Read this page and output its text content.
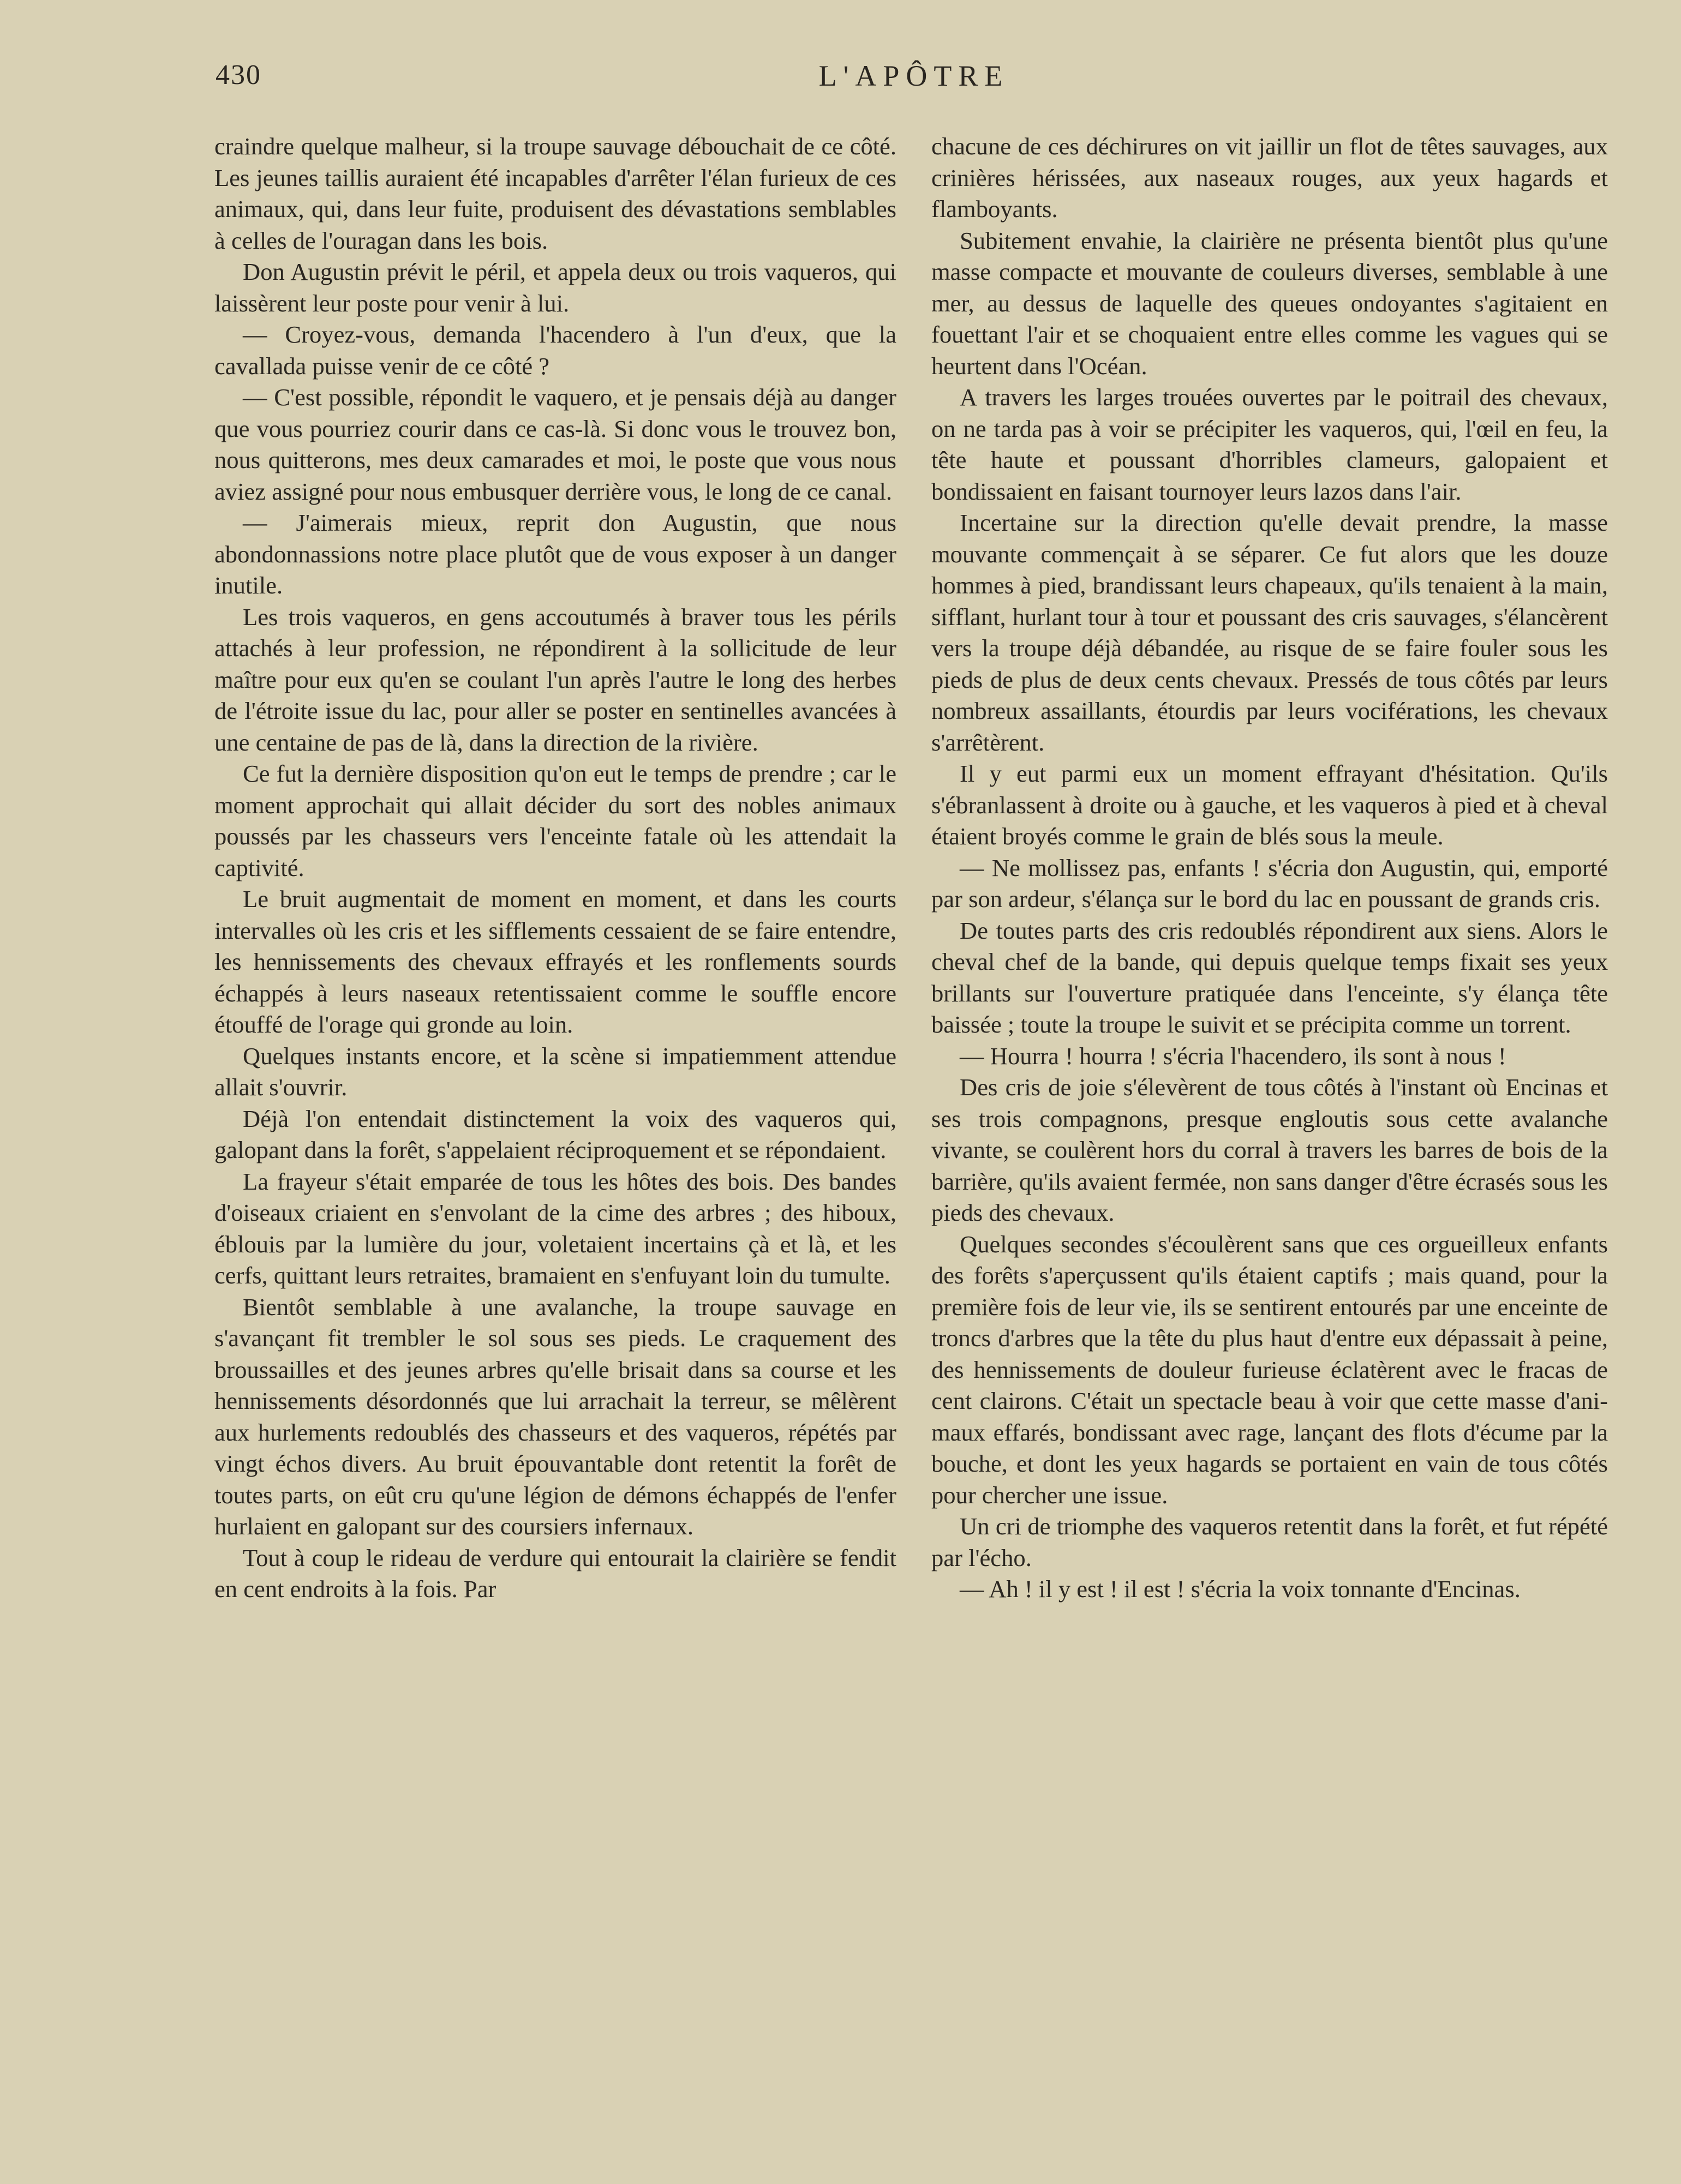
430	L'APÔTRE

craindre quelque malheur, si la troupe sauvage débouchait de ce côté. Les jeunes taillis auraient été incapables d'arrêter l'élan furieux de ces animaux, qui, dans leur fuite, produisent des dévastations semblables à celles de l'ouragan dans les bois.

Don Augustin prévit le péril, et appela deux ou trois vaqueros, qui laissèrent leur poste pour venir à lui.

— Croyez-vous, demanda l'hacendero à l'un d'eux, que la cavallada puisse venir de ce côté ?

— C'est possible, répondit le vaquero, et je pensais déjà au danger que vous pourriez courir dans ce cas-là. Si donc vous le trouvez bon, nous quitterons, mes deux camarades et moi, le poste que vous nous aviez assigné pour nous embusquer derrière vous, le long de ce canal.

— J'aimerais mieux, reprit don Augustin, que nous abondonnassions notre place plutôt que de vous exposer à un danger inutile.

Les trois vaqueros, en gens accoutumés à braver tous les périls attachés à leur profession, ne répondirent à la sollicitude de leur maître pour eux qu'en se coulant l'un après l'autre le long des herbes de l'étroite issue du lac, pour aller se poster en sentinelles avancées à une centaine de pas de là, dans la direction de la rivière.

Ce fut la dernière disposition qu'on eut le temps de prendre ; car le moment approchait qui allait décider du sort des nobles animaux poussés par les chasseurs vers l'enceinte fatale où les attendait la captivité.

Le bruit augmentait de moment en moment, et dans les courts intervalles où les cris et les sifflements cessaient de se faire entendre, les hennissements des chevaux effrayés et les ronflements sourds échappés à leurs naseaux retentissaient comme le souffle encore étouffé de l'orage qui gronde au loin.

Quelques instants encore, et la scène si impatiemment attendue allait s'ouvrir.

Déjà l'on entendait distinctement la voix des vaqueros qui, galopant dans la forêt, s'appelaient réciproquement et se répondaient.

La frayeur s'était emparée de tous les hôtes des bois. Des bandes d'oiseaux criaient en s'envolant de la cime des arbres ; des hiboux, éblouis par la lumière du jour, voletaient incertains çà et là, et les cerfs, quittant leurs retraites, bramaient en s'enfuyant loin du tumulte.

Bientôt semblable à une avalanche, la troupe sauvage en s'avançant fit trembler le sol sous ses pieds. Le craquement des broussailles et des jeunes arbres qu'elle brisait dans sa course et les hennissements désordonnés que lui arrachait la terreur, se mêlèrent aux hurlements redoublés des chasseurs et des vaqueros, répétés par vingt échos divers. Au bruit épouvantable dont retentit la forêt de toutes parts, on eût cru qu'une légion de démons échappés de l'enfer hurlaient en galopant sur des coursiers infernaux.

Tout à coup le rideau de verdure qui entourait la clairière se fendit en cent endroits à la fois. Par

chacune de ces déchirures on vit jaillir un flot de têtes sauvages, aux crinières hérissées, aux naseaux rouges, aux yeux hagards et flamboyants.

Subitement envahie, la clairière ne présenta bientôt plus qu'une masse compacte et mouvante de couleurs diverses, semblable à une mer, au dessus de laquelle des queues ondoyantes s'agitaient en fouettant l'air et se choquaient entre elles comme les vagues qui se heurtent dans l'Océan.

A travers les larges trouées ouvertes par le poitrail des chevaux, on ne tarda pas à voir se précipiter les vaqueros, qui, l'œil en feu, la tête haute et poussant d'horribles clameurs, galopaient et bondissaient en faisant tournoyer leurs lazos dans l'air.

Incertaine sur la direction qu'elle devait prendre, la masse mouvante commençait à se séparer. Ce fut alors que les douze hommes à pied, brandissant leurs chapeaux, qu'ils tenaient à la main, sifflant, hurlant tour à tour et poussant des cris sauvages, s'élancèrent vers la troupe déjà débandée, au risque de se faire fouler sous les pieds de plus de deux cents chevaux. Pressés de tous côtés par leurs nombreux assaillants, étourdis par leurs vociférations, les chevaux s'arrêtèrent.

Il y eut parmi eux un moment effrayant d'hésitation. Qu'ils s'ébranlassent à droite ou à gauche, et les vaqueros à pied et à cheval étaient broyés comme le grain de blés sous la meule.

— Ne mollissez pas, enfants ! s'écria don Augustin, qui, emporté par son ardeur, s'élança sur le bord du lac en poussant de grands cris.

De toutes parts des cris redoublés répondirent aux siens. Alors le cheval chef de la bande, qui depuis quelque temps fixait ses yeux brillants sur l'ouverture pratiquée dans l'enceinte, s'y élança tête baissée ; toute la troupe le suivit et se précipita comme un torrent.

— Hourra ! hourra ! s'écria l'hacendero, ils sont à nous !

Des cris de joie s'élevèrent de tous côtés à l'instant où Encinas et ses trois compagnons, presque engloutis sous cette avalanche vivante, se coulèrent hors du corral à travers les barres de bois de la barrière, qu'ils avaient fermée, non sans danger d'être écrasés sous les pieds des chevaux.

Quelques secondes s'écoulèrent sans que ces orgueilleux enfants des forêts s'aperçussent qu'ils étaient captifs ; mais quand, pour la première fois de leur vie, ils se sentirent entourés par une enceinte de troncs d'arbres que la tête du plus haut d'entre eux dépassait à peine, des hennissements de douleur furieuse éclatèrent avec le fracas de cent clairons. C'était un spectacle beau à voir que cette masse d'animaux effarés, bondissant avec rage, lançant des flots d'écume par la bouche, et dont les yeux hagards se portaient en vain de tous côtés pour chercher une issue.

Un cri de triomphe des vaqueros retentit dans la forêt, et fut répété par l'écho.

— Ah ! il y est ! il est ! s'écria la voix tonnante d'Encinas.
